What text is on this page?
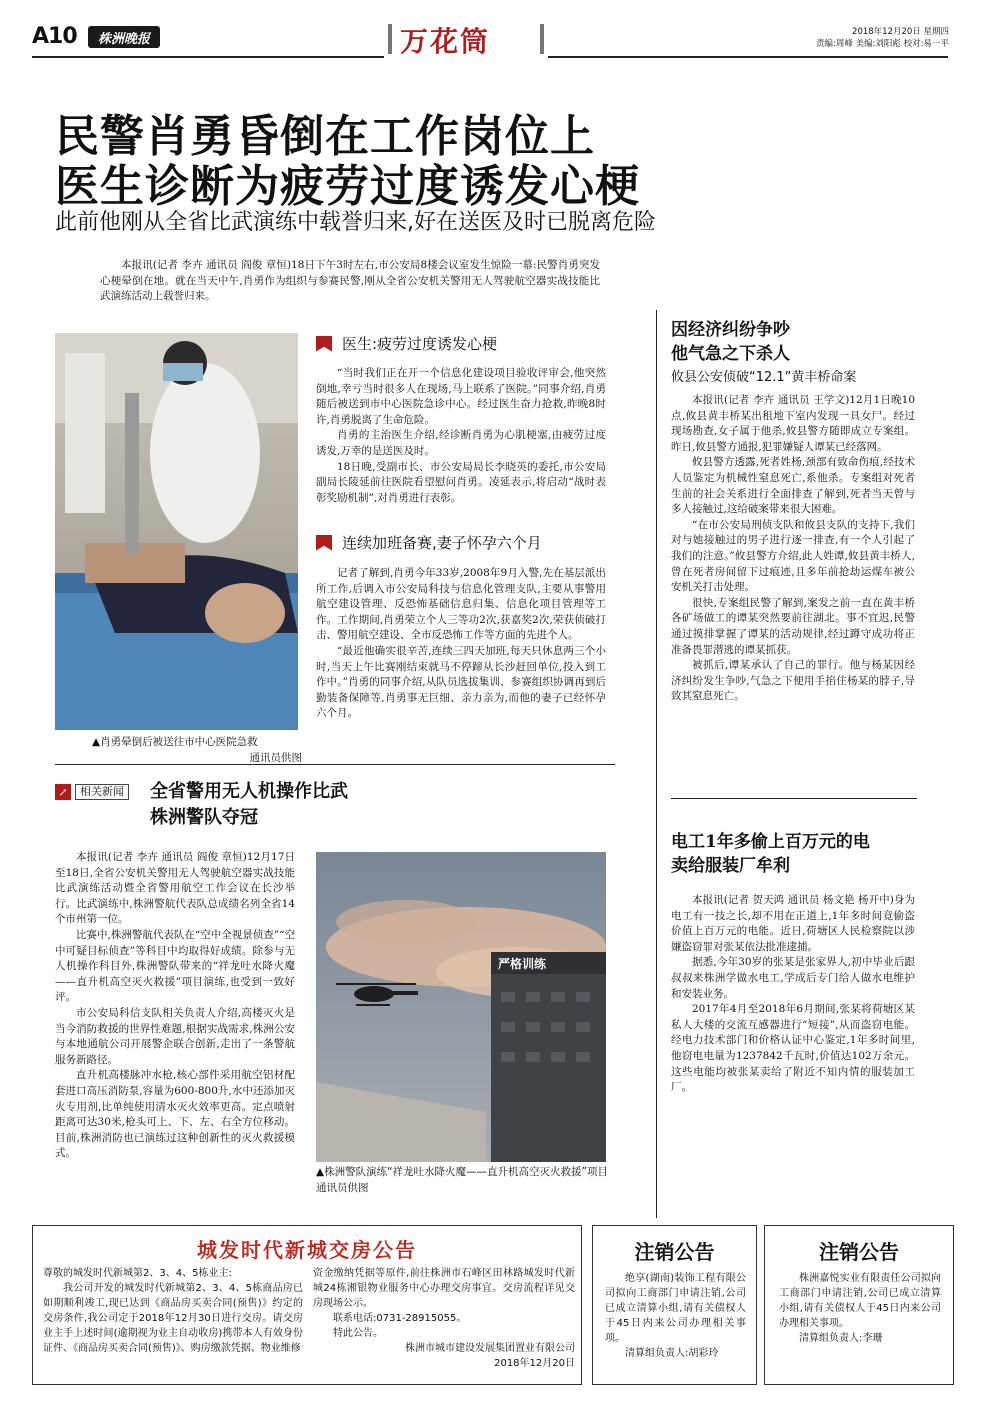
A10	株洲晚报	万花筒	2018年12月20日 星期四
责编:周峰 美编:刘阳彪 校对:易一平
民警肖勇昏倒在工作岗位上
医生诊断为疲劳过度诱发心梗
此前他刚从全省比武演练中载誉归来,好在送医及时已脱离危险

本报讯(记者 李卉 通讯员 阎俊 章恒)18日下午3时左右,市公安局8楼会议室发生惊险一幕:民警肖勇突发心梗晕倒在地。就在当天中午,肖勇作为组织与参赛民警,刚从全省公安机关警用无人驾驶航空器实战技能比武演练活动上载誉归来。

▲肖勇晕倒后被送往市中心医院急救
通讯员供图
医生:疲劳过度诱发心梗

“当时我们正在开一个信息化建设项目验收评审会,他突然倒地,幸亏当时很多人在现场,马上联系了医院。”同事介绍,肖勇随后被送到市中心医院急诊中心。经过医生奋力抢救,昨晚8时许,肖勇脱离了生命危险。

肖勇的主治医生介绍,经诊断肖勇为心肌梗塞,由疲劳过度诱发,万幸的是送医及时。

18日晚,受副市长、市公安局局长李晓英的委托,市公安局副局长陵延前往医院看望慰问肖勇。凌延表示,将启动“战时表彰奖励机制”,对肖勇进行表彰。

连续加班备赛,妻子怀孕六个月

记者了解到,肖勇今年33岁,2008年9月入警,先在基层派出所工作,后调入市公安局科技与信息化管理支队,主要从事警用航空建设管理、反恐怖基础信息归集、信息化项目管理等工作。工作期间,肖勇荣立个人三等功2次,获嘉奖2次,荣获侦破打击、警用航空建设、全市反恐怖工作等方面的先进个人。

“最近他确实很辛苦,连续三四天加班,每天只休息两三个小时,当天上午比赛刚结束就马不停蹄从长沙赶回单位,投入到工作中。”肖勇的同事介绍,从队员选拔集训、参赛组织协调再到后勤装备保障等,肖勇事无巨细、亲力亲为,而他的妻子已经怀孕六个月。

↗	相关新闻 全省警用无人机操作比武
株洲警队夺冠

本报讯(记者 李卉 通讯员 阎俊 章恒)12月17日至18日,全省公安机关警用无人驾驶航空器实战技能比武演练活动暨全省警用航空工作会议在长沙举行。比武演练中,株洲警航代表队总成绩名列全省14个市州第一位。

比赛中,株洲警航代表队在“空中全视景侦查”“空中可疑目标侦查”等科目中均取得好成绩。除参与无人机操作科目外,株洲警队带来的“祥龙吐水降火魔——直升机高空灭火救援”项目演练,也受到一致好评。

市公安局科信支队相关负责人介绍,高楼灭火是当今消防救援的世界性难题,根据实战需求,株洲公安与本地通航公司开展警企联合创新,走出了一条警航服务新路径。

直升机高楼脉冲水枪,核心部件采用航空铝材配套进口高压消防泵,容量为600-800升,水中还添加灭火专用剂,比单纯使用清水灭火效率更高。定点喷射距离可达30米,枪头可上、下、左、右全方位移动。目前,株洲消防也已演练过这种创新性的灭火救援模式。

严格训练
▲株洲警队演练“祥龙吐水降火魔——直升机高空灭火救援”项目 通讯员供图
因经济纠纷争吵
他气急之下杀人
攸县公安侦破“12.1”黄丰桥命案

本报讯(记者 李卉 通讯员 王学文)12月1日晚10点,攸县黄丰桥某出租地下室内发现一具女尸。经过现场勘查,女子属于他杀,攸县警方随即成立专案组。昨日,攸县警方通报,犯罪嫌疑人谭某已经落网。

攸县警方透露,死者姓杨,颈部有致命伤痕,经技术人员鉴定为机械性窒息死亡,系他杀。专案组对死者生前的社会关系进行全面排查了解到,死者当天曾与多人接触过,这给破案带来很大困难。

“在市公安局刑侦支队和攸县支队的支持下,我们对与她接触过的男子进行逐一排查,有一个人引起了我们的注意。”攸县警方介绍,此人姓谭,攸县黄丰桥人,曾在死者房间留下过痕迹,且多年前抢劫运煤车被公安机关打击处理。

很快,专案组民警了解到,案发之前一直在黄丰桥各矿场做工的谭某突然要前往湖北。事不宜迟,民警通过摸排掌握了谭某的活动规律,经过蹲守成功将正准备畏罪潜逃的谭某抓获。

被抓后,谭某承认了自己的罪行。他与杨某因经济纠纷发生争吵,气急之下便用手掐住杨某的脖子,导致其窒息死亡。

电工1年多偷上百万元的电
卖给服装厂牟利

本报讯(记者 贺天鸿 通讯员 杨文艳 杨开中)身为电工有一技之长,却不用在正道上,1年多时间竟偷盗价值上百万元的电能。近日,荷塘区人民检察院以涉嫌盗窃罪对张某依法批准逮捕。

据悉,今年30岁的张某是张家界人,初中毕业后跟叔叔来株洲学做水电工,学成后专门给人做水电维护和安装业务。

2017年4月至2018年6月期间,张某将荷塘区某私人大楼的交流互感器进行“短接”,从而盗窃电能。经电力技术部门和价格认证中心鉴定,1年多时间里,他窃电电量为1237842千瓦时,价值达102万余元。这些电能均被张某卖给了附近不知内情的服装加工厂。

城发时代新城交房公告
尊敬的城发时代新城第2、3、4、5栋业主:
我公司开发的城发时代新城第2、3、4、5栋商品房已如期顺利竣工,现已达到《商品房买卖合同(预售)》约定的交房条件,我公司定于2018年12月30日进行交房。请交房业主手上述时间(逾期视为业主自动收房)携带本人有效身份证件、《商品房买卖合同(预售)》、购房缴款凭据、物业维修
资金缴纳凭据等原件,前往株洲市石峰区田林路城发时代新城24栋湘银物业服务中心办理交房事宜。交房流程详见交房现场公示。
联系电话:0731-28915055。
特此公告。
株洲市城市建设发展集团置业有限公司
2018年12月20日
注销公告
绝享(湖南)装饰工程有限公司拟向工商部门申请注销,公司已成立清算小组,请有关债权人于45日内来公司办理相关事项。
清算组负责人:胡彩玲
注销公告
株洲嘉悦实业有限责任公司拟向工商部门申请注销,公司已成立清算小组,请有关债权人于45日内来公司办理相关事项。
清算组负责人:李珊
